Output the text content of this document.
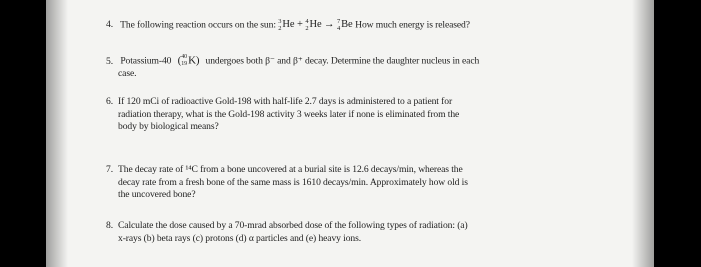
4. The following reaction occurs on the sun: 3
2 He + 4
2 He → 7
4 Be How much energy is released?
5. Potassium-40 ( 40
19 K) undergoes both β⁻ and β⁺ decay. Determine the daughter nucleus in each
case.
6. If 120 mCi of radioactive Gold-198 with half-life 2.7 days is administered to a patient for
radiation therapy, what is the Gold-198 activity 3 weeks later if none is eliminated from the
body by biological means?
7. The decay rate of ¹⁴C from a bone uncovered at a burial site is 12.6 decays/min, whereas the
decay rate from a fresh bone of the same mass is 1610 decays/min. Approximately how old is
the uncovered bone?
8. Calculate the dose caused by a 70-mrad absorbed dose of the following types of radiation: (a)
x-rays (b) beta rays (c) protons (d) α particles and (e) heavy ions.
